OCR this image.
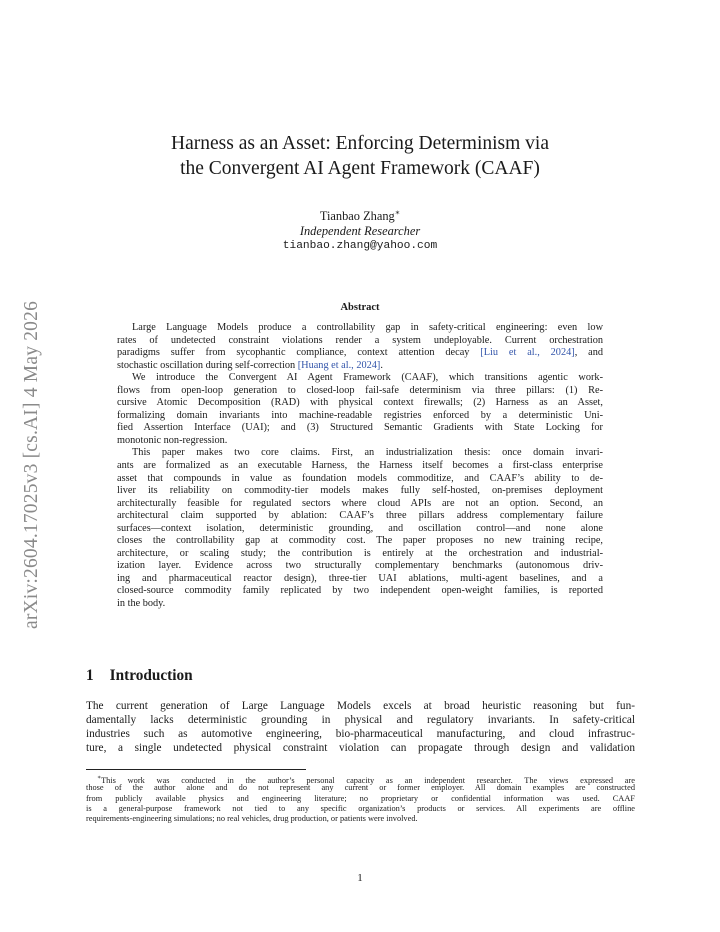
arXiv:2604.17025v3 [cs.AI] 4 May 2026
Harness as an Asset: Enforcing Determinism via
the Convergent AI Agent Framework (CAAF)
Tianbao Zhang∗
Independent Researcher
tianbao.zhang@yahoo.com
Abstract
Large Language Models produce a controllability gap in safety-critical engineering: even low
rates of undetected constraint violations render a system undeployable. Current orchestration
paradigms suffer from sycophantic compliance, context attention decay [Liu et al., 2024], and
stochastic oscillation during self-correction [Huang et al., 2024].
We introduce the Convergent AI Agent Framework (CAAF), which transitions agentic work-
flows from open-loop generation to closed-loop fail-safe determinism via three pillars: (1) Re-
cursive Atomic Decomposition (RAD) with physical context firewalls; (2) Harness as an Asset,
formalizing domain invariants into machine-readable registries enforced by a deterministic Uni-
fied Assertion Interface (UAI); and (3) Structured Semantic Gradients with State Locking for
monotonic non-regression.
This paper makes two core claims. First, an industrialization thesis: once domain invari-
ants are formalized as an executable Harness, the Harness itself becomes a first-class enterprise
asset that compounds in value as foundation models commoditize, and CAAF’s ability to de-
liver its reliability on commodity-tier models makes fully self-hosted, on-premises deployment
architecturally feasible for regulated sectors where cloud APIs are not an option. Second, an
architectural claim supported by ablation: CAAF’s three pillars address complementary failure
surfaces—context isolation, deterministic grounding, and oscillation control—and none alone
closes the controllability gap at commodity cost. The paper proposes no new training recipe,
architecture, or scaling study; the contribution is entirely at the orchestration and industrial-
ization layer. Evidence across two structurally complementary benchmarks (autonomous driv-
ing and pharmaceutical reactor design), three-tier UAI ablations, multi-agent baselines, and a
closed-source commodity family replicated by two independent open-weight families, is reported
in the body.
1 Introduction
The current generation of Large Language Models excels at broad heuristic reasoning but fun-
damentally lacks deterministic grounding in physical and regulatory invariants. In safety-critical
industries such as automotive engineering, bio-pharmaceutical manufacturing, and cloud infrastruc-
ture, a single undetected physical constraint violation can propagate through design and validation
∗This work was conducted in the author’s personal capacity as an independent researcher. The views expressed are
those of the author alone and do not represent any current or former employer. All domain examples are constructed
from publicly available physics and engineering literature; no proprietary or confidential information was used. CAAF
is a general-purpose framework not tied to any specific organization’s products or services. All experiments are offline
requirements-engineering simulations; no real vehicles, drug production, or patients were involved.
1
